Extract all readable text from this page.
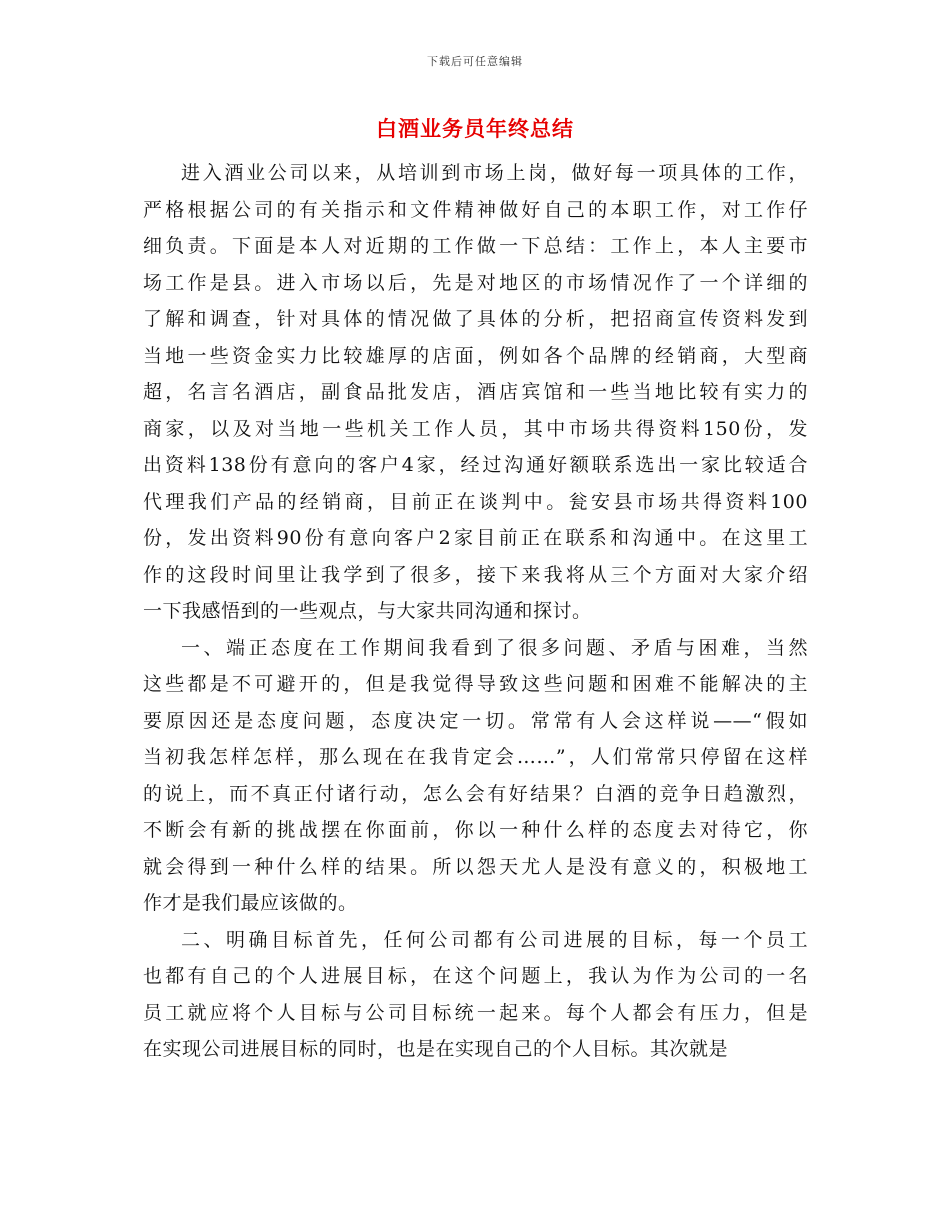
下载后可任意编辑
白酒业务员年终总结
进入酒业公司以来，从培训到市场上岗，做好每一项具体的工作，
严格根据公司的有关指示和文件精神做好自己的本职工作，对工作仔
细负责。下面是本人对近期的工作做一下总结：工作上，本人主要市
场工作是县。进入市场以后，先是对地区的市场情况作了一个详细的
了解和调查，针对具体的情况做了具体的分析，把招商宣传资料发到
当地一些资金实力比较雄厚的店面，例如各个品牌的经销商，大型商
超，名言名酒店，副食品批发店，酒店宾馆和一些当地比较有实力的
商家，以及对当地一些机关工作人员，其中市场共得资料150份，发
出资料138份有意向的客户4家，经过沟通好额联系选出一家比较适合
代理我们产品的经销商，目前正在谈判中。瓮安县市场共得资料100
份，发出资料90份有意向客户2家目前正在联系和沟通中。在这里工
作的这段时间里让我学到了很多，接下来我将从三个方面对大家介绍
一下我感悟到的一些观点，与大家共同沟通和探讨。
一、端正态度在工作期间我看到了很多问题、矛盾与困难，当然
这些都是不可避开的，但是我觉得导致这些问题和困难不能解决的主
要原因还是态度问题，态度决定一切。常常有人会这样说——“假如
当初我怎样怎样，那么现在在我肯定会……”，人们常常只停留在这样
的说上，而不真正付诸行动，怎么会有好结果？白酒的竞争日趋激烈，
不断会有新的挑战摆在你面前，你以一种什么样的态度去对待它，你
就会得到一种什么样的结果。所以怨天尤人是没有意义的，积极地工
作才是我们最应该做的。
二、明确目标首先，任何公司都有公司进展的目标，每一个员工
也都有自己的个人进展目标，在这个问题上，我认为作为公司的一名
员工就应将个人目标与公司目标统一起来。每个人都会有压力，但是
在实现公司进展目标的同时，也是在实现自己的个人目标。其次就是
